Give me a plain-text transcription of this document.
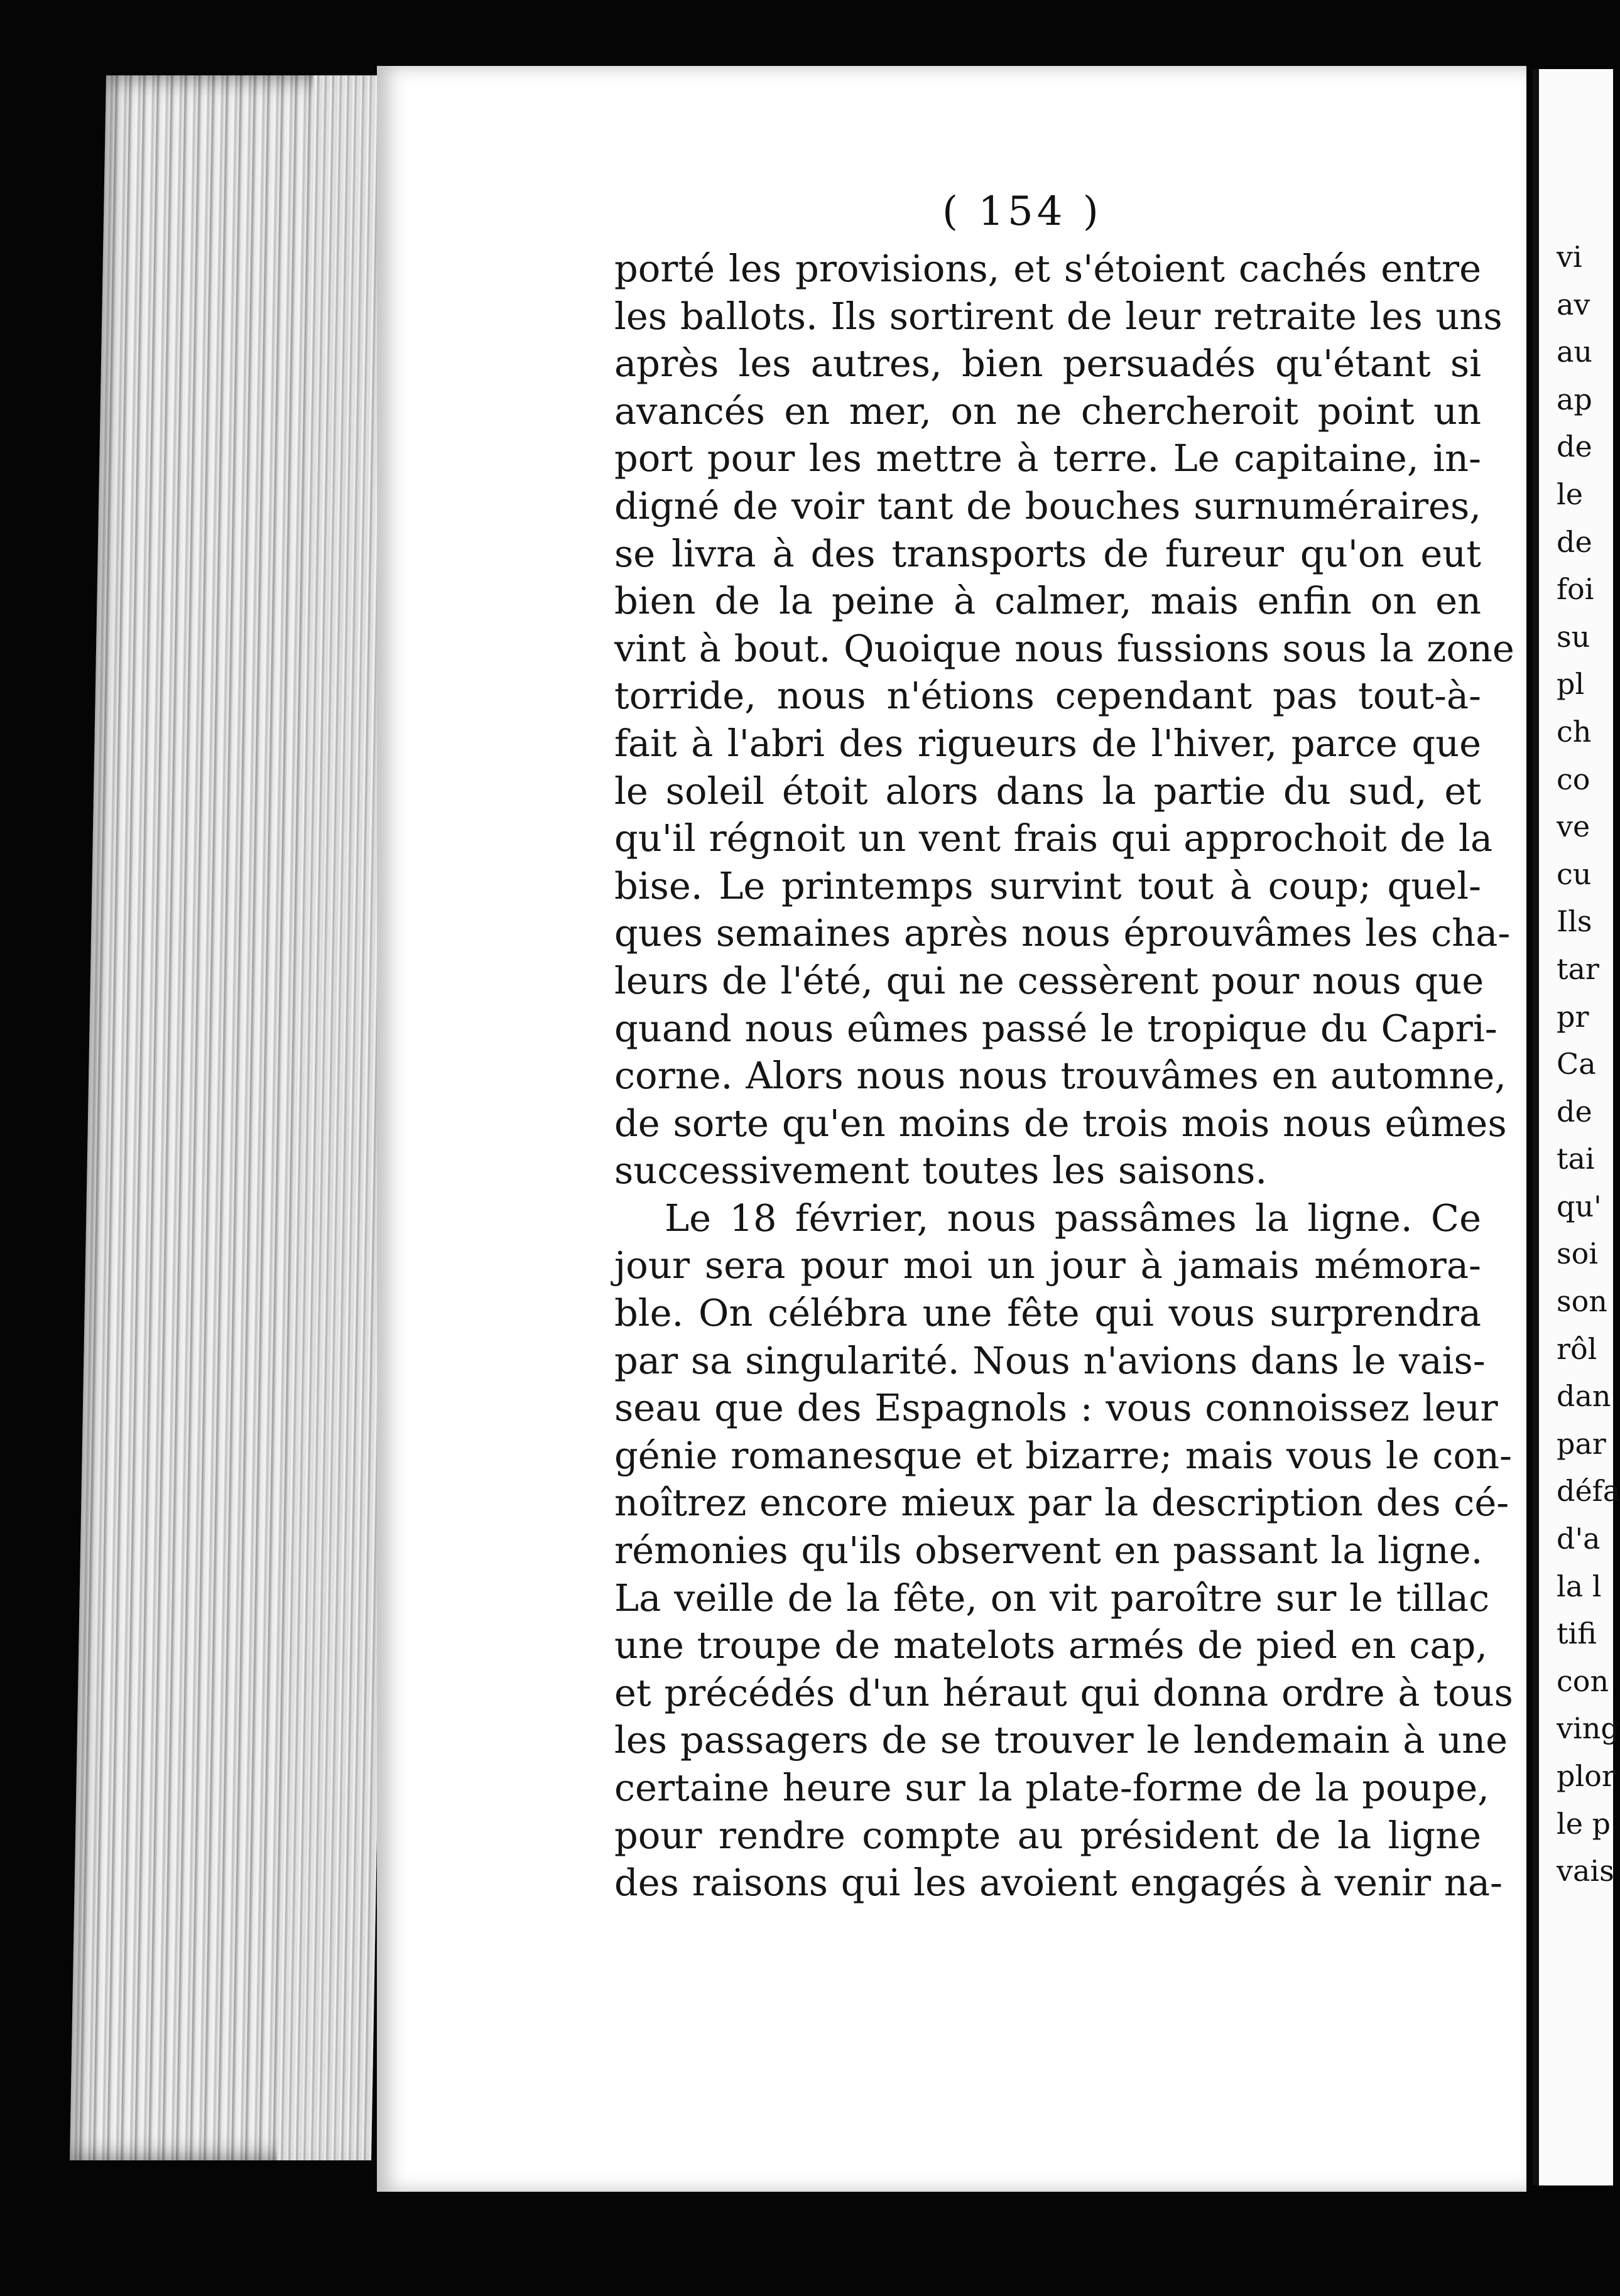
( 154 )
porté les provisions, et s'étoient cachés entre
les ballots. Ils sortirent de leur retraite les uns
après les autres, bien persuadés qu'étant si
avancés en mer, on ne chercheroit point un
port pour les mettre à terre. Le capitaine, in-
digné de voir tant de bouches surnuméraires,
se livra à des transports de fureur qu'on eut
bien de la peine à calmer, mais enfin on en
vint à bout. Quoique nous fussions sous la zone
torride, nous n'étions cependant pas tout-à-
fait à l'abri des rigueurs de l'hiver, parce que
le soleil étoit alors dans la partie du sud, et
qu'il régnoit un vent frais qui approchoit de la
bise. Le printemps survint tout à coup; quel-
ques semaines après nous éprouvâmes les cha-
leurs de l'été, qui ne cessèrent pour nous que
quand nous eûmes passé le tropique du Capri-
corne. Alors nous nous trouvâmes en automne,
de sorte qu'en moins de trois mois nous eûmes
successivement toutes les saisons.
Le 18 février, nous passâmes la ligne. Ce
jour sera pour moi un jour à jamais mémora-
ble. On célébra une fête qui vous surprendra
par sa singularité. Nous n'avions dans le vais-
seau que des Espagnols : vous connoissez leur
génie romanesque et bizarre; mais vous le con-
noîtrez encore mieux par la description des cé-
rémonies qu'ils observent en passant la ligne.
La veille de la fête, on vit paroître sur le tillac
une troupe de matelots armés de pied en cap,
et précédés d'un héraut qui donna ordre à tous
les passagers de se trouver le lendemain à une
certaine heure sur la plate-forme de la poupe,
pour rendre compte au président de la ligne
des raisons qui les avoient engagés à venir na-
vi
av
au
ap
de
le
de
foi
su
pl
ch
co
ve
cu
Ils
tar
pr
Ca
de
tai
qu'
soi
son
rôl
dan
par
défa
d'a
la l
tifi
con
ving
plor
le p
vais
